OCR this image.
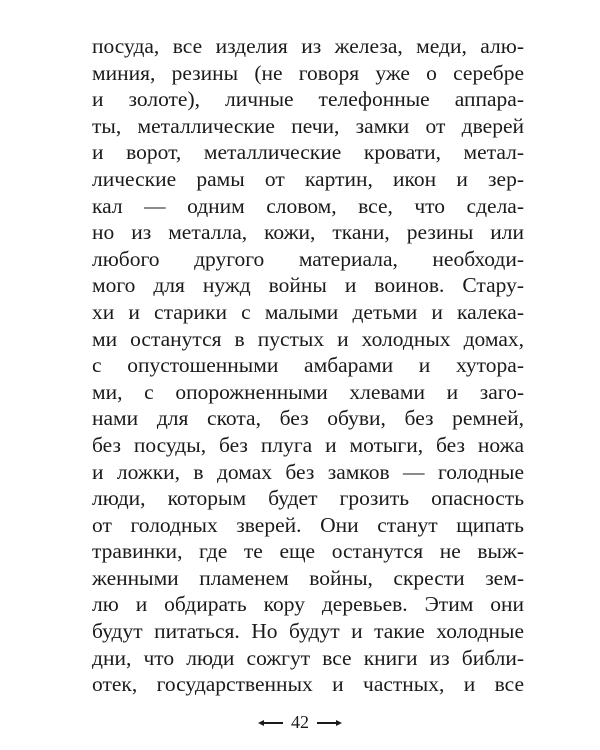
посуда, все изделия из железа, меди, алю-
миния, резины (не говоря уже о серебре
и золоте), личные телефонные аппара-
ты, металлические печи, замки от дверей
и ворот, металлические кровати, метал-
лические рамы от картин, икон и зер-
кал — одним словом, все, что сдела-
но из металла, кожи, ткани, резины или
любого другого материала, необходи-
мого для нужд войны и воинов. Стару-
хи и старики с малыми детьми и калека-
ми останутся в пустых и холодных домах,
с опустошенными амбарами и хутора-
ми, с опорожненными хлевами и заго-
нами для скота, без обуви, без ремней,
без посуды, без плуга и мотыги, без ножа
и ложки, в домах без замков — голодные
люди, которым будет грозить опасность
от голодных зверей. Они станут щипать
травинки, где те еще останутся не выж-
женными пламенем войны, скрести зем-
лю и обдирать кору деревьев. Этим они
будут питаться. Но будут и такие холодные
дни, что люди сожгут все книги из библи-
отек, государственных и частных, и все
42
